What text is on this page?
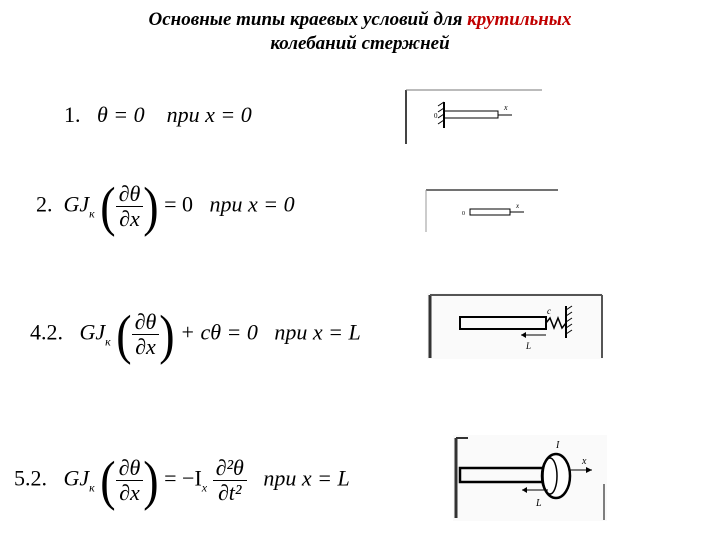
Основные типы краевых условий для крутильных
колебаний стержней
1. θ = 0 при x = 0
2. $GJ_к$ ( $\frac{\partial\theta}{\partial x}$ ) = 0 при x = 0
4.2. $GJ_к$ ( $\frac{\partial\theta}{\partial x}$ ) + cθ = 0 при x = L
5.2. $GJ_к$ ( $\frac{\partial\theta}{\partial x}$ ) = $-I_x \frac{\text{∂²θ}}{\text{∂t²}}$ при x = L
x
0
x
0
c
L
x
I
L
